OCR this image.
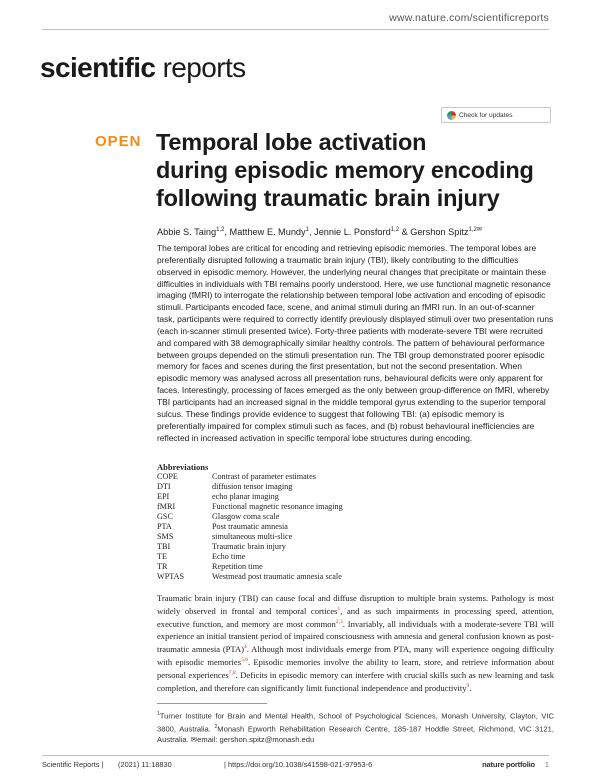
www.nature.com/scientificreports
scientific reports
Check for updates
OPEN Temporal lobe activation
during episodic memory encoding
following traumatic brain injury
Abbie S. Taing$^{1,2}$, Matthew E. Mundy$^1$, Jennie L. Ponsford$^{1,2}$ & Gershon Spitz$^{1,2✉}$

The temporal lobes are critical for encoding and retrieving episodic memories. The temporal lobes are preferentially disrupted following a traumatic brain injury (TBI), likely contributing to the difficulties observed in episodic memory. However, the underlying neural changes that precipitate or maintain these difficulties in individuals with TBI remains poorly understood. Here, we use functional magnetic resonance imaging (fMRI) to interrogate the relationship between temporal lobe activation and encoding of episodic stimuli. Participants encoded face, scene, and animal stimuli during an fMRI run. In an out-of-scanner task, participants were required to correctly identify previously displayed stimuli over two presentation runs (each in-scanner stimuli presented twice). Forty-three patients with moderate-severe TBI were recruited and compared with 38 demographically similar healthy controls. The pattern of behavioural performance between groups depended on the stimuli presentation run. The TBI group demonstrated poorer episodic memory for faces and scenes during the first presentation, but not the second presentation. When episodic memory was analysed across all presentation runs, behavioural deficits were only apparent for faces. Interestingly, processing of faces emerged as the only between group-difference on fMRI, whereby TBI participants had an increased signal in the middle temporal gyrus extending to the superior temporal sulcus. These findings provide evidence to suggest that following TBI: (a) episodic memory is preferentially impaired for complex stimuli such as faces, and (b) robust behavioural inefficiencies are reflected in increased activation in specific temporal lobe structures during encoding.

Abbreviations
COPE	Contrast of parameter estimates
DTI	diffusion tensor imaging
EPI	echo planar imaging
fMRI	Functional magnetic resonance imaging
GSC	Glasgow coma scale
PTA	Post traumatic amnesia
SMS	simultaneous multi-slice
TBI	Traumatic brain injury
TE	Echo time
TR	Repetition time
WPTAS	Westmead post traumatic amnesia scale

Traumatic brain injury (TBI) can cause focal and diffuse disruption to multiple brain systems. Pathology is most widely observed in frontal and temporal cortices$^1$, and as such impairments in processing speed, attention, executive function, and memory are most common$^{2,3}$. Invariably, all individuals with a moderate-severe TBI will experience an initial transient period of impaired consciousness with amnesia and general confusion known as post-traumatic amnesia (PTA)$^4$. Although most individuals emerge from PTA, many will experience ongoing difficulty with episodic memories$^{5,6}$. Episodic memories involve the ability to learn, store, and retrieve information about personal experiences$^{7,8}$. Deficits in episodic memory can interfere with crucial skills such as new learning and task completion, and therefore can significantly limit functional independence and productivity$^9$.

$^1$Turner Institute for Brain and Mental Health, School of Psychological Sciences, Monash University, Clayton, VIC 3800, Australia. $^2$Monash Epworth Rehabilitation Research Centre, 185-187 Hoddle Street, Richmond, VIC 3121, Australia. ✉email: gershon.spitz@monash.edu

Scientific Reports | (2021) 11:18830	| https://doi.org/10.1038/s41598-021-97953-6	nature portfolio 1
